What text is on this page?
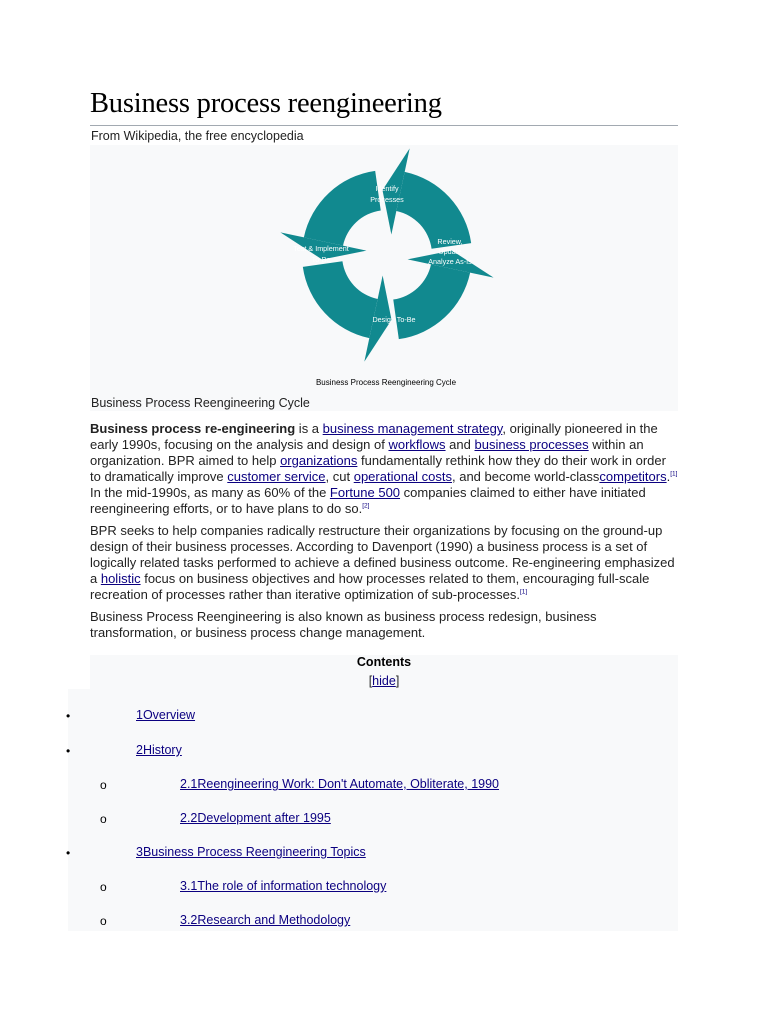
Business process reengineering
From Wikipedia, the free encyclopedia
Identify
Processes
Review,
Update
Analyze As-Is
Design To-Be
Test & Implement
To-Be
Business Process Reengineering Cycle
Business Process Reengineering Cycle

Business process re-engineering is a business management strategy, originally pioneered in the early 1990s, focusing on the analysis and design of workflows and business processes within an organization. BPR aimed to help organizations fundamentally rethink how they do their work in order to dramatically improve customer service, cut operational costs, and become world-classcompetitors.[1] In the mid-1990s, as many as 60% of the Fortune 500 companies claimed to either have initiated reengineering efforts, or to have plans to do so.[2]

BPR seeks to help companies radically restructure their organizations by focusing on the ground-up design of their business processes. According to Davenport (1990) a business process is a set of logically related tasks performed to achieve a defined business outcome. Re-engineering emphasized a holistic focus on business objectives and how processes related to them, encouraging full-scale recreation of processes rather than iterative optimization of sub-processes.[1]

Business Process Reengineering is also known as business process redesign, business transformation, or business process change management.

Contents
[hide]
•	1Overview
•	2History
o	2.1Reengineering Work: Don't Automate, Obliterate, 1990
o	2.2Development after 1995
•	3Business Process Reengineering Topics
o	3.1The role of information technology
o	3.2Research and Methodology
